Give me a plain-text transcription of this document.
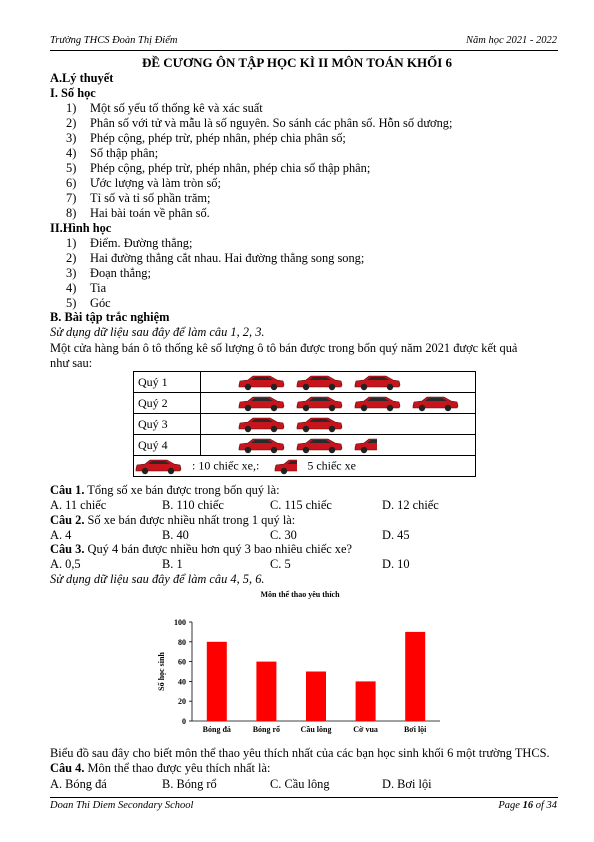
Trường THCS Đoàn Thị Điểm	Năm học 2021 - 2022
ĐỀ CƯƠNG ÔN TẬP HỌC KÌ II MÔN TOÁN KHỐI 6
A.Lý thuyết
I. Số học
1) Một số yếu tố thống kê và xác suất
2) Phân số với tử và mẫu là số nguyên. So sánh các phân số. Hỗn số dương;
3) Phép cộng, phép trừ, phép nhân, phép chia phân số;
4) Số thập phân;
5) Phép cộng, phép trừ, phép nhân, phép chia số thập phân;
6) Ước lượng và làm tròn số;
7) Tỉ số và tỉ số phần trăm;
8) Hai bài toán về phân số.
II.Hình học
1) Điểm. Đường thẳng;
2) Hai đường thẳng cắt nhau. Hai đường thẳng song song;
3) Đoạn thẳng;
4) Tia
5) Góc
B. Bài tập trắc nghiệm
Sử dụng dữ liệu sau đây để làm câu 1, 2, 3.
Một cửa hàng bán ô tô thống kê số lượng ô tô bán được trong bốn quý năm 2021 được kết quả
như sau:
Quý 1	
Quý 2	
Quý 3	
Quý 4	
: 10 chiếc xe,: 5 chiếc xe	
Câu 1. Tổng số xe bán được trong bốn quý là:
A. 11 chiếc	B. 110 chiếc	C. 115 chiếc	D. 12 chiếc
Câu 2. Số xe bán được nhiều nhất trong 1 quý là:
A. 4	B. 40	C. 30	D. 45
Câu 3. Quý 4 bán được nhiều hơn quý 3 bao nhiêu chiếc xe?
A. 0,5	B. 1	C. 5	D. 10
Sử dụng dữ liệu sau đây để làm câu 4, 5, 6.
Môn thể thao yêu thích
0
20
40
60
80
100
Số học sinh
Bóng đá	Bóng rổ	Cầu lông	Cờ vua	Bơi lội
Biểu đồ sau đây cho biết môn thể thao yêu thích nhất của các bạn học sinh khối 6 một trường THCS.
Câu 4. Môn thể thao được yêu thích nhất là:
A. Bóng đá	B. Bóng rổ	C. Cầu lông	D. Bơi lội
Doan Thi Diem Secondary School	Page 16 of 34
